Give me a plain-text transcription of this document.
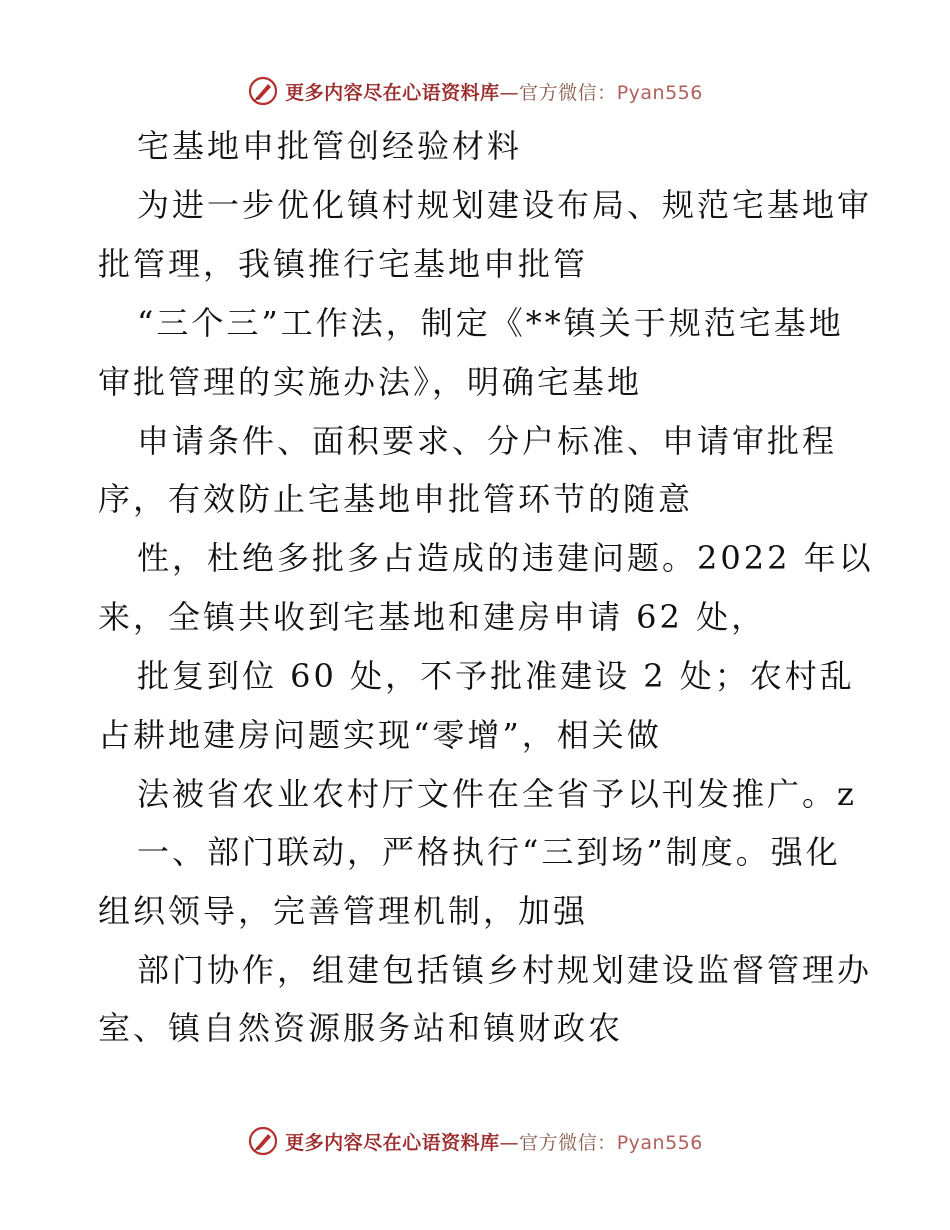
更多内容尽在心语资料库—官方微信：Pyan556
宅基地申批管创经验材料
为进一步优化镇村规划建设布局、规范宅基地审
批管理，我镇推行宅基地申批管
“三个三”工作法，制定《**镇关于规范宅基地
审批管理的实施办法》，明确宅基地
申请条件、面积要求、分户标准、申请审批程
序，有效防止宅基地申批管环节的随意
性，杜绝多批多占造成的违建问题。2022 年以
来，全镇共收到宅基地和建房申请 62 处，
批复到位 60 处，不予批准建设 2 处；农村乱
占耕地建房问题实现“零增”，相关做
法被省农业农村厅文件在全省予以刊发推广。z
一、部门联动，严格执行“三到场”制度。强化
组织领导，完善管理机制，加强
部门协作，组建包括镇乡村规划建设监督管理办
室、镇自然资源服务站和镇财政农
更多内容尽在心语资料库—官方微信：Pyan556
